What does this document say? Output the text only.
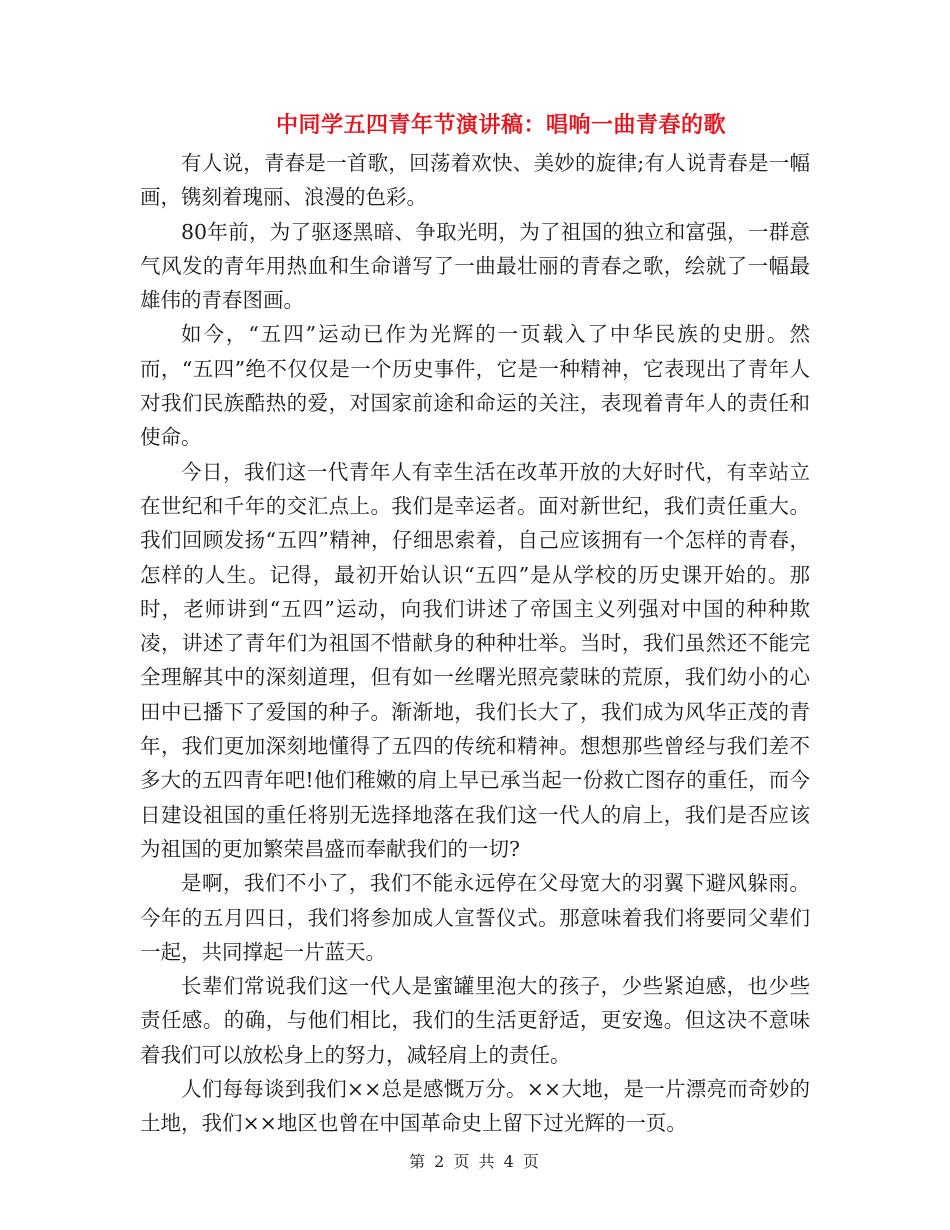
中同学五四青年节演讲稿：唱响一曲青春的歌

有人说，青春是一首歌，回荡着欢快、美妙的旋律;有人说青春是一幅画，镌刻着瑰丽、浪漫的色彩。

80年前，为了驱逐黑暗、争取光明，为了祖国的独立和富强，一群意气风发的青年用热血和生命谱写了一曲最壮丽的青春之歌，绘就了一幅最雄伟的青春图画。

如今，“五四”运动已作为光辉的一页载入了中华民族的史册。然而，“五四”绝不仅仅是一个历史事件，它是一种精神，它表现出了青年人对我们民族酷热的爱，对国家前途和命运的关注，表现着青年人的责任和使命。

今日，我们这一代青年人有幸生活在改革开放的大好时代，有幸站立在世纪和千年的交汇点上。我们是幸运者。面对新世纪，我们责任重大。我们回顾发扬“五四”精神，仔细思索着，自己应该拥有一个怎样的青春，怎样的人生。记得，最初开始认识“五四”是从学校的历史课开始的。那时，老师讲到“五四”运动，向我们讲述了帝国主义列强对中国的种种欺凌，讲述了青年们为祖国不惜献身的种种壮举。当时，我们虽然还不能完全理解其中的深刻道理，但有如一丝曙光照亮蒙昧的荒原，我们幼小的心田中已播下了爱国的种子。渐渐地，我们长大了，我们成为风华正茂的青年，我们更加深刻地懂得了五四的传统和精神。想想那些曾经与我们差不多大的五四青年吧!他们稚嫩的肩上早已承当起一份救亡图存的重任，而今日建设祖国的重任将别无选择地落在我们这一代人的肩上，我们是否应该为祖国的更加繁荣昌盛而奉献我们的一切?

是啊，我们不小了，我们不能永远停在父母宽大的羽翼下避风躲雨。今年的五月四日，我们将参加成人宣誓仪式。那意味着我们将要同父辈们一起，共同撑起一片蓝天。

长辈们常说我们这一代人是蜜罐里泡大的孩子，少些紧迫感，也少些责任感。的确，与他们相比，我们的生活更舒适，更安逸。但这决不意味着我们可以放松身上的努力，减轻肩上的责任。

人们每每谈到我们××总是感慨万分。××大地，是一片漂亮而奇妙的土地，我们××地区也曾在中国革命史上留下过光辉的一页。

第 2 页 共 4 页
